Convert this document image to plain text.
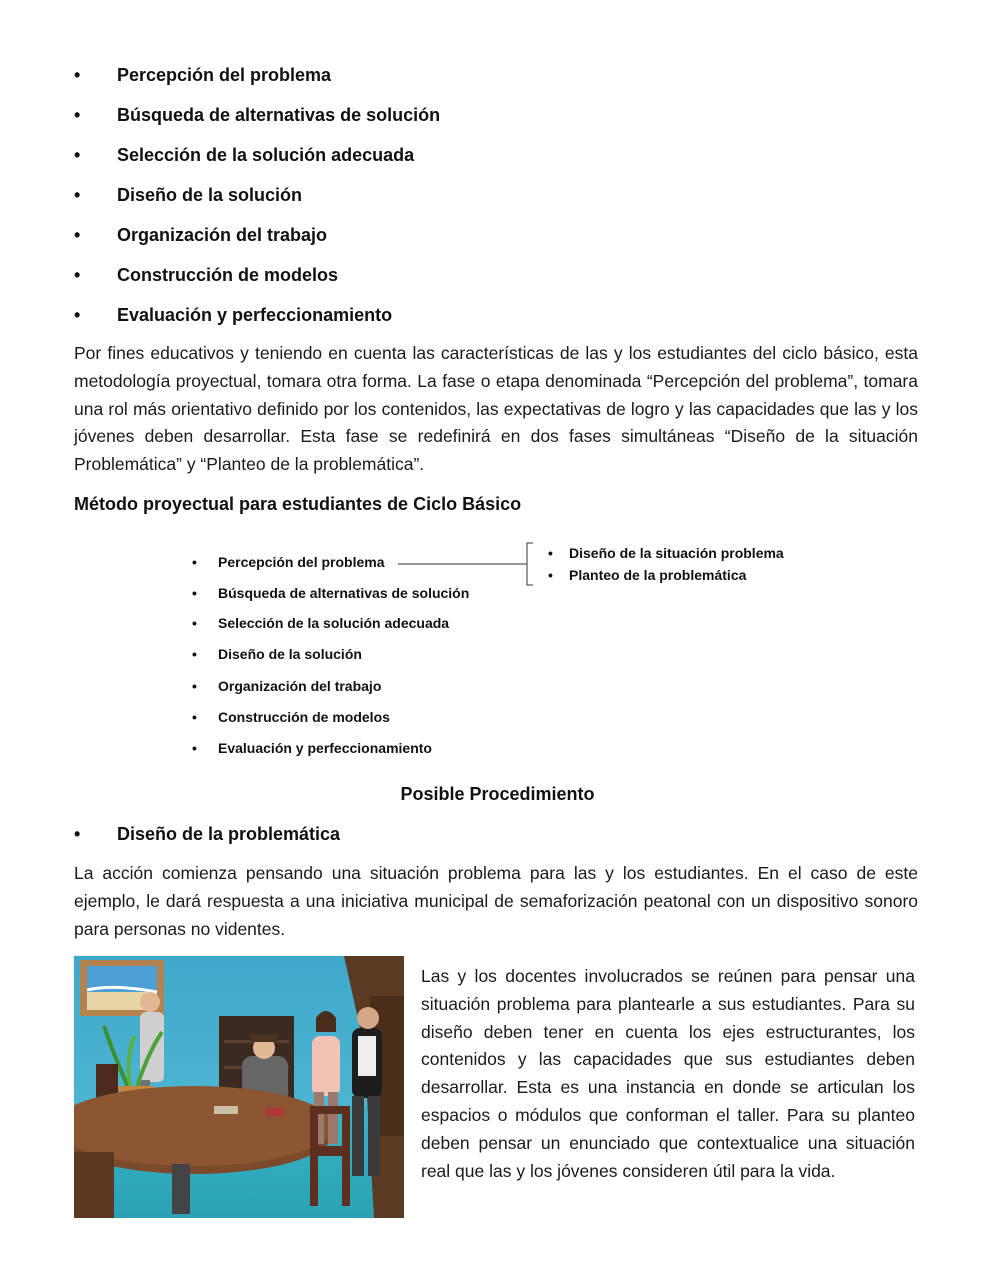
• Percepción del problema
• Búsqueda de alternativas de solución
• Selección de la solución adecuada
• Diseño de la solución
• Organización del trabajo
• Construcción de modelos
• Evaluación y perfeccionamiento

Por fines educativos y teniendo en cuenta las características de las y los estudiantes del ciclo básico, esta metodología proyectual, tomara otra forma. La fase o etapa denominada “Percepción del problema”, tomara una rol más orientativo definido por los contenidos, las expectativas de logro y las capacidades que las y los jóvenes deben desarrollar. Esta fase se redefinirá en dos fases simultáneas “Diseño de la situación Problemática” y “Planteo de la problemática”.

Método proyectual para estudiantes de Ciclo Básico
• Percepción del problema
• Búsqueda de alternativas de solución
• Selección de la solución adecuada
• Diseño de la solución
• Organización del trabajo
• Construcción de modelos
• Evaluación y perfeccionamiento
• Diseño de la situación problema
• Planteo de la problemática
Posible Procedimiento
• Diseño de la problemática

La acción comienza pensando una situación problema para las y los estudiantes. En el caso de este ejemplo, le dará respuesta a una iniciativa municipal de semaforización peatonal con un dispositivo sonoro para personas no videntes.

Las y los docentes involucrados se reúnen para pensar una situación problema para plantearle a sus estudiantes. Para su diseño deben tener en cuenta los ejes estructurantes, los contenidos y las capacidades que sus estudiantes deben desarrollar. Esta es una instancia en donde se articulan los espacios o módulos que conforman el taller. Para su planteo deben pensar un enunciado que contextualice una situación real que las y los jóvenes consideren útil para la vida.
